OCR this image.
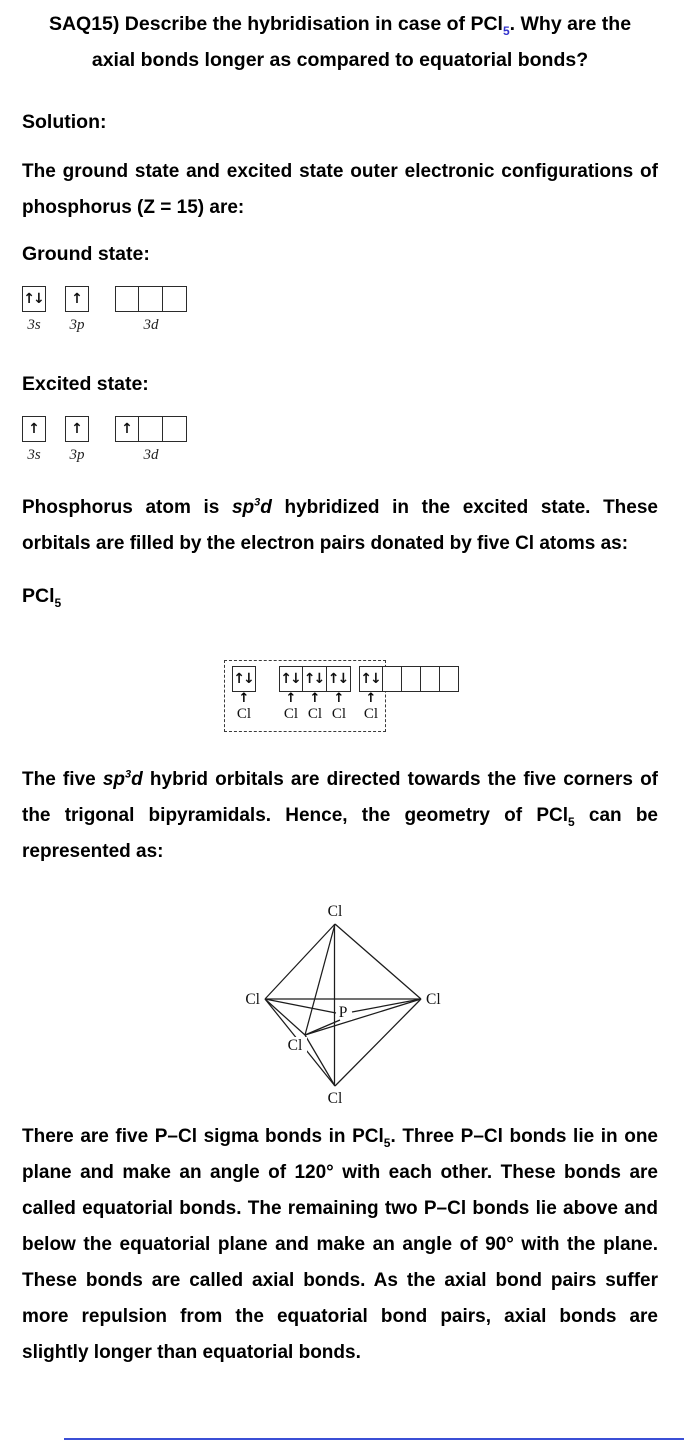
SAQ15) Describe the hybridisation in case of PCl$_5$. Why are the
axial bonds longer as compared to equatorial bonds?

Solution:

The ground state and excited state outer electronic configurations of phosphorus (Z = 15) are:

Ground state:

↑↓
3s
↑
3p	3d

Excited state:

↑
3s
↑
3p
↑
3d

Phosphorus atom is $sp^3d$ hybridized in the excited state. These orbitals are filled by the electron pairs donated by five Cl atoms as:

PCl$_5$

↑↓ ↑↓ ↑↓ ↑↓ ↑↓
↑
Cl
↑
Cl
↑
Cl
↑
Cl
↑
Cl

The five $sp^3d$ hybrid orbitals are directed towards the five corners of the trigonal bipyramidals. Hence, the geometry of PCl$_5$ can be represented as:

Cl
Cl	Cl
Cl
Cl
P

There are five P–Cl sigma bonds in PCl$_5$. Three P–Cl bonds lie in one plane and make an angle of 120° with each other. These bonds are called equatorial bonds. The remaining two P–Cl bonds lie above and below the equatorial plane and make an angle of 90° with the plane. These bonds are called axial bonds. As the axial bond pairs suffer more repulsion from the equatorial bond pairs, axial bonds are slightly longer than equatorial bonds.
